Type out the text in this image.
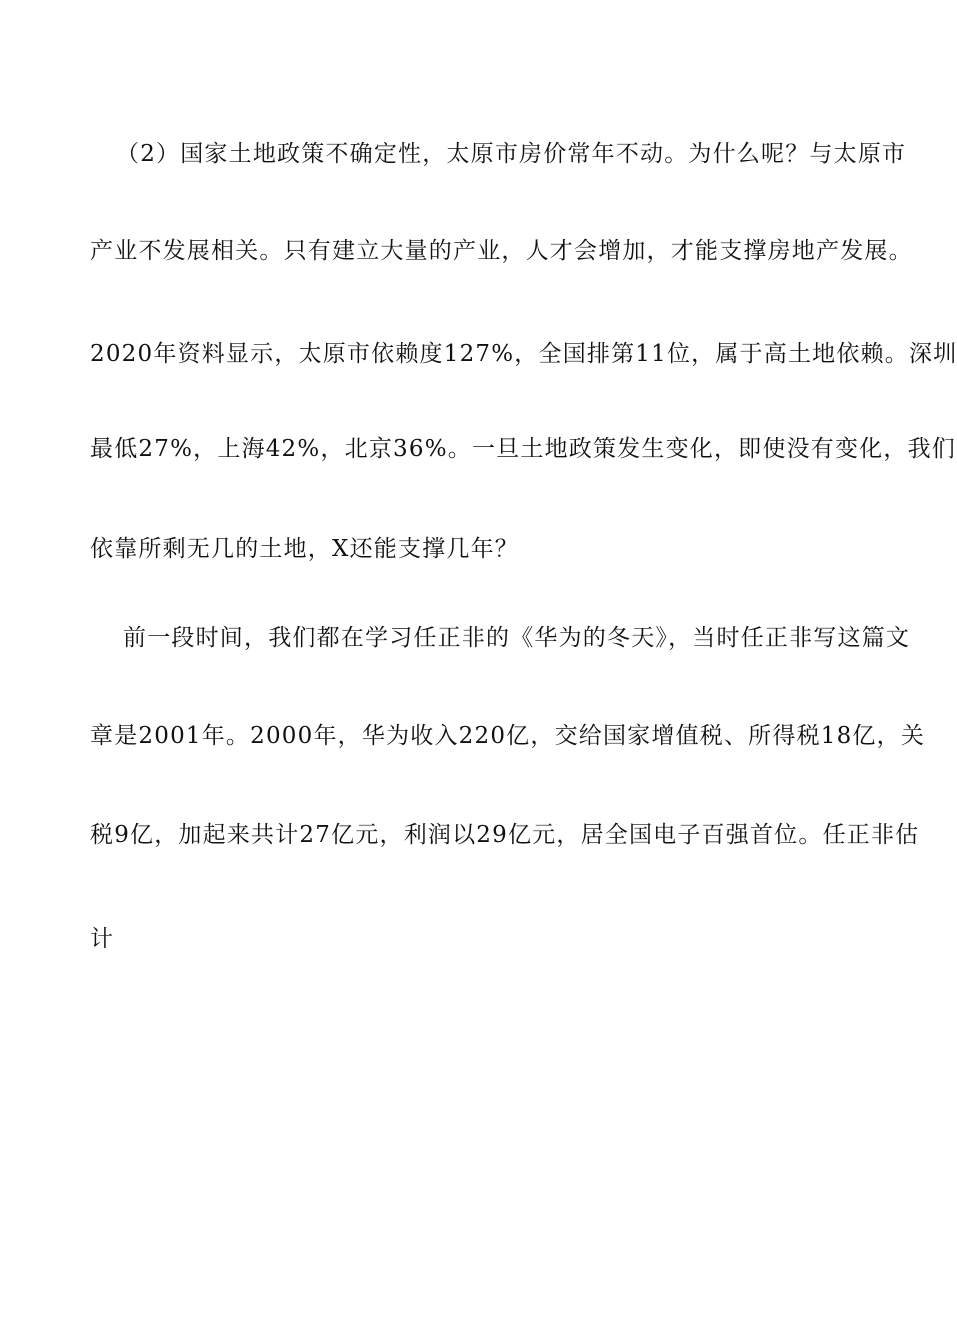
（2）国家土地政策不确定性，太原市房价常年不动。为什么呢？与太原市
产业不发展相关。只有建立大量的产业，人才会增加，才能支撑房地产发展。
2020年资料显示，太原市依赖度127%，全国排第11位，属于高土地依赖。深圳
最低27%，上海42%，北京36%。一旦土地政策发生变化，即使没有变化，我们
依靠所剩无几的土地，X还能支撑几年？
前一段时间，我们都在学习任正非的《华为的冬天》，当时任正非写这篇文
章是2001年。2000年，华为收入220亿，交给国家增值税、所得税18亿，关
税9亿，加起来共计27亿元，利润以29亿元，居全国电子百强首位。任正非估
计
